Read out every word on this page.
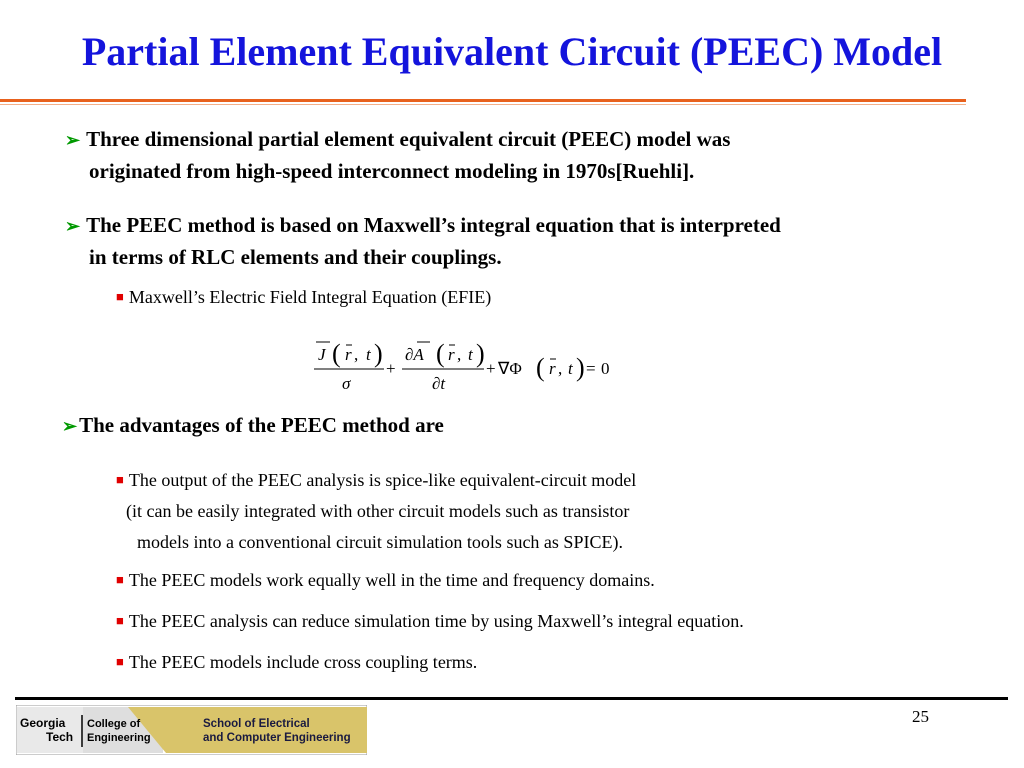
Partial Element Equivalent Circuit (PEEC) Model
➢ Three dimensional partial element equivalent circuit (PEEC) model was
originated from high-speed interconnect modeling in 1970s[Ruehli].
➢ The PEEC method is based on Maxwell’s integral equation that is interpreted
in terms of RLC elements and their couplings.
■ Maxwell’s Electric Field Integral Equation (EFIE)
J ( r , t )
σ
+
∂A ( r , t )
∂t
+ ∇Φ ( r , t ) = 0
➢The advantages of the PEEC method are
■ The output of the PEEC analysis is spice-like equivalent-circuit model
(it can be easily integrated with other circuit models such as transistor
models into a conventional circuit simulation tools such as SPICE).
■ The PEEC models work equally well in the time and frequency domains.
■ The PEEC analysis can reduce simulation time by using Maxwell’s integral equation.
■ The PEEC models include cross coupling terms.
25
Georgia
Tech
College of
Engineering
School of Electrical
and Computer Engineering
